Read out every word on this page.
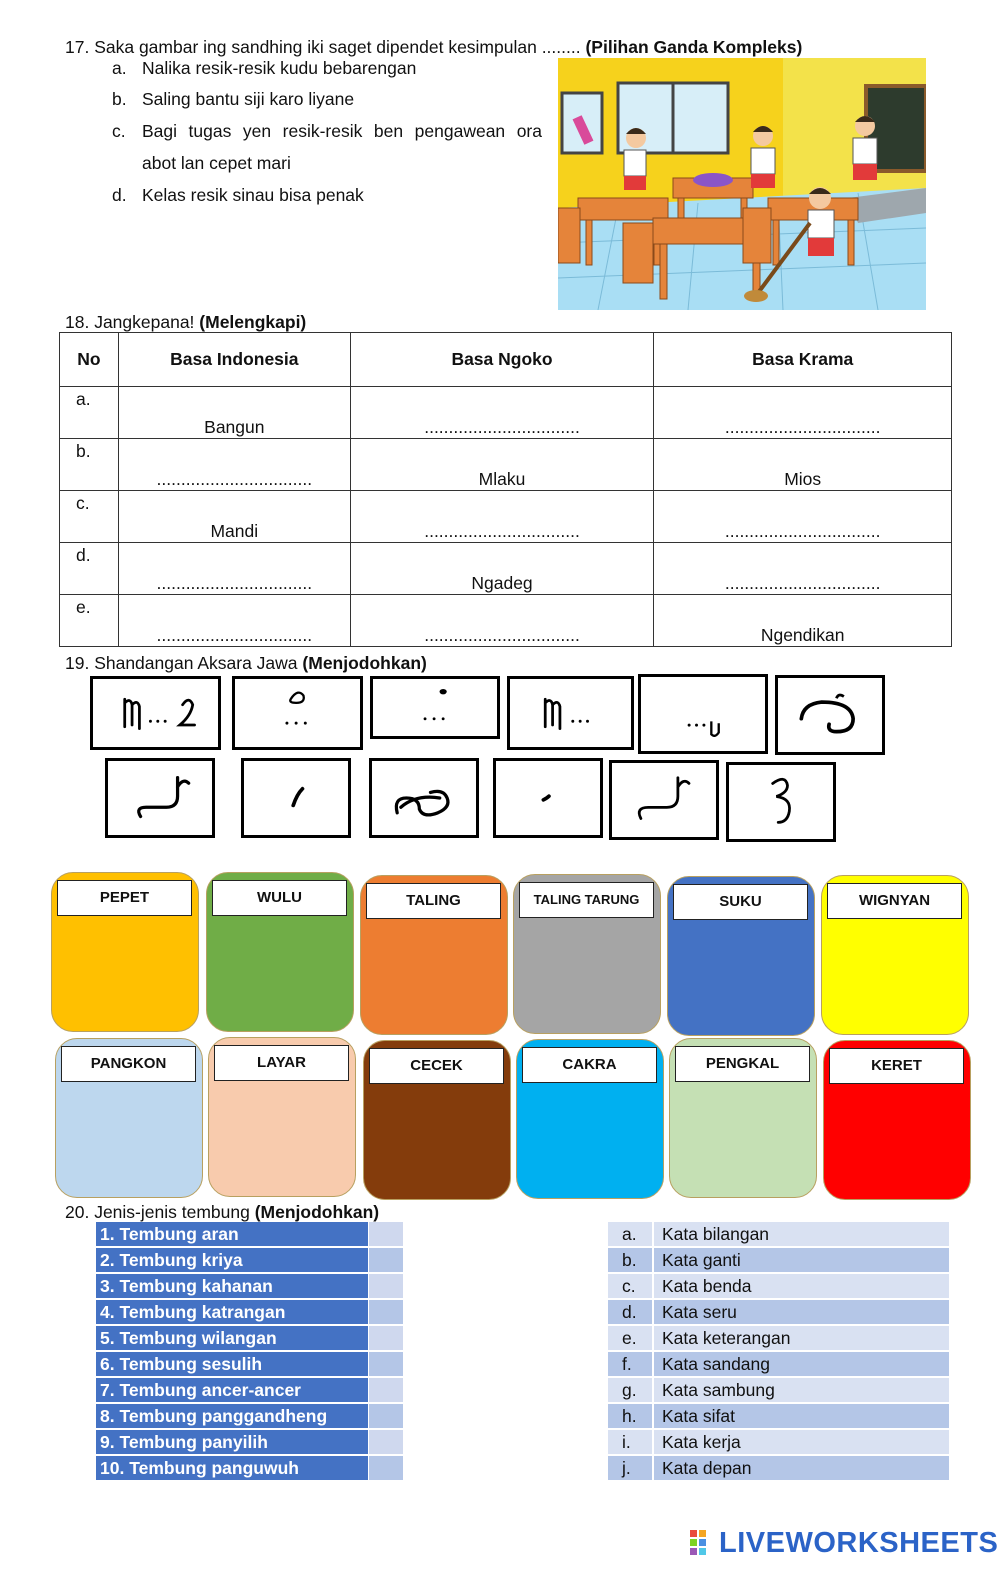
17. Saka gambar ing sandhing iki saget dipendet kesimpulan ........ (Pilihan Ganda Kompleks)
a. Nalika resik-resik kudu bebarengan
b. Saling bantu siji karo liyane
c. Bagi tugas yen resik-resik ben pengawean ora
abot lan cepet mari
d. Kelas resik sinau bisa penak
18. Jangkepana! (Melengkapi)
No	Basa Indonesia	Basa Ngoko	Basa Krama

a.	Bangun	................................	................................

b.	................................	Mlaku	Mios

c.	Mandi	................................	................................

d.	................................	Ngadeg	................................

e.	................................	................................	Ngendikan
19. Shandangan Aksara Jawa (Menjodohkan)
PEPET	WULU	TALING	TALING TARUNG	SUKU	WIGNYAN
PANGKON	LAYAR	CECEK	CAKRA	PENGKAL	KERET
20. Jenis-jenis tembung (Menjodohkan)
1. Tembung aran
2. Tembung kriya
3. Tembung kahanan
4. Tembung katrangan
5. Tembung wilangan
6. Tembung sesulih
7. Tembung ancer-ancer
8. Tembung panggandheng
9. Tembung panyilih
10. Tembung panguwuh
a. Kata bilangan
b. Kata ganti
c. Kata benda
d. Kata seru
e. Kata keterangan
f. Kata sandang
g. Kata sambung
h. Kata sifat
i. Kata kerja
j. Kata depan
LIVEWORKSHEETS
